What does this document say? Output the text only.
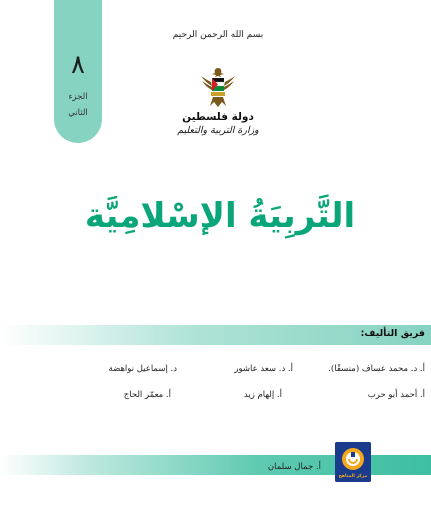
٨
الجزء
الثاني
بسم الله الرحمن الرحيم
دولة فلسطين
وزارة التربية والتعليم
التَّربِيَةُ الإسْلامِيَّة
فريق التأليف:
أ. د. محمد عساف (منسقًا).
أ. د. سعد عاشور
د. إسماعيل نواهضة
أ. أحمد أبو حرب
أ. إلهام زيد
أ. معمّر الحاج
أ. جمال سلمان
مركز المناهج
